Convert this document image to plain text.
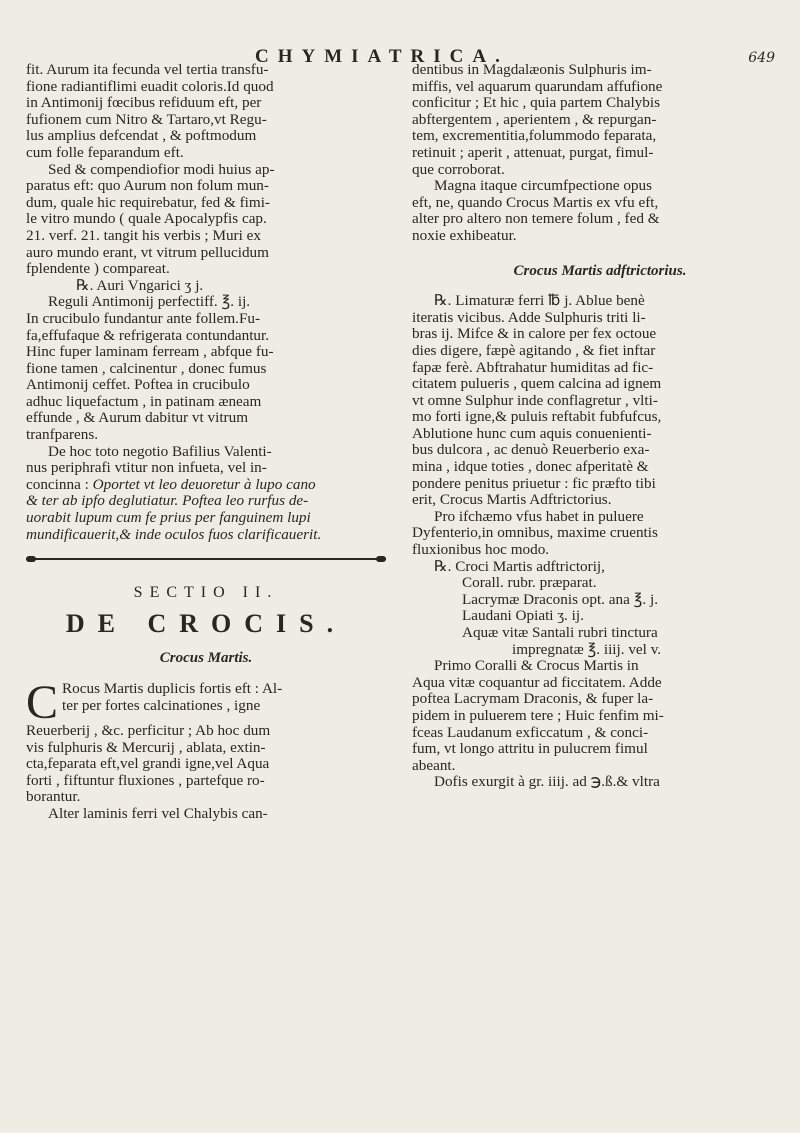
CHYMIATRICA.	649

fit. Aurum ita fecunda vel tertia transfu-
fione radiantiflimi euadit coloris.Id quod
in Antimonij fœcibus refiduum eft, per
fufionem cum Nitro & Tartaro,vt Regu-
lus amplius defcendat , & poftmodum
cum folle feparandum eft.

Sed & compendiofior modi huius ap-
paratus eft: quo Aurum non folum mun-
dum, quale hic requirebatur, fed & fimi-
le vitro mundo ( quale Apocalypfis cap.
21. verf. 21. tangit his verbis ; Muri ex
auro mundo erant, vt vitrum pellucidum
fplendente ) compareat.

℞. Auri Vngarici ʒ j.
Reguli Antimonij perfectiff. ℥. ij.

In crucibulo fundantur ante follem.Fu-
fa,effufaque & refrigerata contundantur.
Hinc fuper laminam ferream , abfque fu-
fione tamen , calcinentur , donec fumus
Antimonij ceffet. Poftea in crucibulo
adhuc liquefactum , in patinam æneam
effunde , & Aurum dabitur vt vitrum
tranfparens.

De hoc toto negotio Bafilius Valenti-
nus periphrafi vtitur non infueta, vel in-
concinna : Oportet vt leo deuoretur à lupo cano
& ter ab ipfo deglutiatur. Poftea leo rurfus de-
uorabit lupum cum fe prius per fanguinem lupi
mundificauerit,& inde oculos fuos clarificauerit.

SECTIO II.
DE CROCIS.
Crocus Martis.
C Rocus Martis duplicis fortis eft : Al-
ter per fortes calcinationes , igne

Reuerberij , &c. perficitur ; Ab hoc dum
vis fulphuris & Mercurij , ablata, extin-
cta,feparata eft,vel grandi igne,vel Aqua
forti , fiftuntur fluxiones , partefque ro-
borantur.
Alter laminis ferri vel Chalybis can-

dentibus in Magdalæonis Sulphuris im-
miffis, vel aquarum quarundam affufione
conficitur ; Et hic , quia partem Chalybis
abftergentem , aperientem , & repurgan-
tem, excrementitia,folummodo feparata,
retinuit ; aperit , attenuat, purgat, fimul-
que corroborat.
Magna itaque circumfpectione opus
eft, ne, quando Crocus Martis ex vfu eft,
alter pro altero non temere folum , fed &
noxie exhibeatur.

Crocus Martis adftrictorius.

℞. Limaturæ ferri ℔ j. Ablue benè
iteratis vicibus. Adde Sulphuris triti li-
bras ij. Mifce & in calore per fex octoue
dies digere, fæpè agitando , & fiet inftar
fapæ ferè. Abftrahatur humiditas ad fic-
citatem pulueris , quem calcina ad ignem
vt omne Sulphur inde conflagretur , vlti-
mo forti igne,& puluis reftabit fubfufcus,
Ablutione hunc cum aquis conuenienti-
bus dulcora , ac denuò Reuerberio exa-
mina , idque toties , donec afperitatè &
pondere penitus priuetur : fic præfto tibi
erit, Crocus Martis Adftrictorius.
Pro ifchæmo vfus habet in puluere
Dyfenterio,in omnibus, maxime cruentis
fluxionibus hoc modo.

℞. Croci Martis adftrictorij,
Corall. rubr. præparat.
Lacrymæ Draconis opt. ana ℥. j.
Laudani Opiati ʒ. ij.
Aquæ vitæ Santali rubri tinctura
impregnatæ ℥. iiij. vel v.

Primo Coralli & Crocus Martis in
Aqua vitæ coquantur ad ficcitatem. Adde
poftea Lacrymam Draconis, & fuper la-
pidem in puluerem tere ; Huic fenfim mi-
fceas Laudanum exficcatum , & conci-
fum, vt longo attritu in pulucrem fimul
abeant.
Dofis exurgit à gr. iiij. ad ℈.ß.& vltra
